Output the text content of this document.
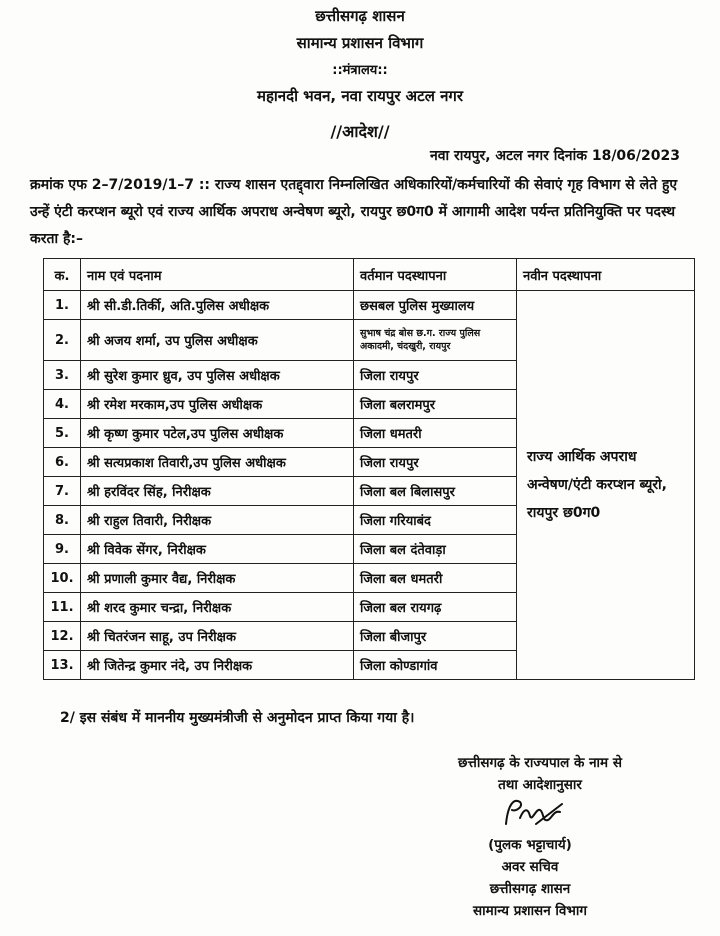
छत्तीसगढ़ शासन
सामान्य प्रशासन विभाग
::मंत्रालय::
महानदी भवन, नवा रायपुर अटल नगर
//आदेश//
नवा रायपुर, अटल नगर दिनांक 18/06/2023
क्रमांक एफ 2–7/2019/1–7 :: राज्य शासन एतद्द्वारा निम्नलिखित अधिकारियों/कर्मचारियों की सेवाएं गृह विभाग से लेते हुए उन्हें एंटी करप्शन ब्यूरो एवं राज्य आर्थिक अपराध अन्वेषण ब्यूरो, रायपुर छ0ग0 में आगामी आदेश पर्यन्त प्रतिनियुक्ति पर पदस्थ करता है:–
क.	नाम एवं पदनाम	वर्तमान पदस्थापना	नवीन पदस्थापना
1.	श्री सी.डी.तिर्की, अति.पुलिस अधीक्षक	छसबल पुलिस मुख्यालय	राज्य आर्थिक अपराध अन्वेषण/एंटी करप्शन ब्यूरो, रायपुर छ0ग0
2.	श्री अजय शर्मा, उप पुलिस अधीक्षक	सुभाष चंद्र बोस छ.ग. राज्य पुलिस अकादमी, चंदखुरी, रायपुर	
3.	श्री सुरेश कुमार ध्रुव, उप पुलिस अधीक्षक	जिला रायपुर	
4.	श्री रमेश मरकाम,उप पुलिस अधीक्षक	जिला बलरामपुर	
5.	श्री कृष्ण कुमार पटेल,उप पुलिस अधीक्षक	जिला धमतरी	
6.	श्री सत्यप्रकाश तिवारी,उप पुलिस अधीक्षक	जिला रायपुर	
7.	श्री हरविंदर सिंह, निरीक्षक	जिला बल बिलासपुर	
8.	श्री राहुल तिवारी, निरीक्षक	जिला गरियाबंद	
9.	श्री विवेक सेंगर, निरीक्षक	जिला बल दंतेवाड़ा	
10.	श्री प्रणाली कुमार वैद्य, निरीक्षक	जिला बल धमतरी	
11.	श्री शरद कुमार चन्द्रा, निरीक्षक	जिला बल रायगढ़	
12.	श्री चितरंजन साहू, उप निरीक्षक	जिला बीजापुर	
13.	श्री जितेन्द्र कुमार नंदे, उप निरीक्षक	जिला कोण्डागांव	
2/ इस संबंध में माननीय मुख्यमंत्रीजी से अनुमोदन प्राप्त किया गया है।
छत्तीसगढ़ के राज्यपाल के नाम से
तथा आदेशानुसार
(पुलक भट्टाचार्य)
अवर सचिव
छत्तीसगढ़ शासन
सामान्य प्रशासन विभाग
